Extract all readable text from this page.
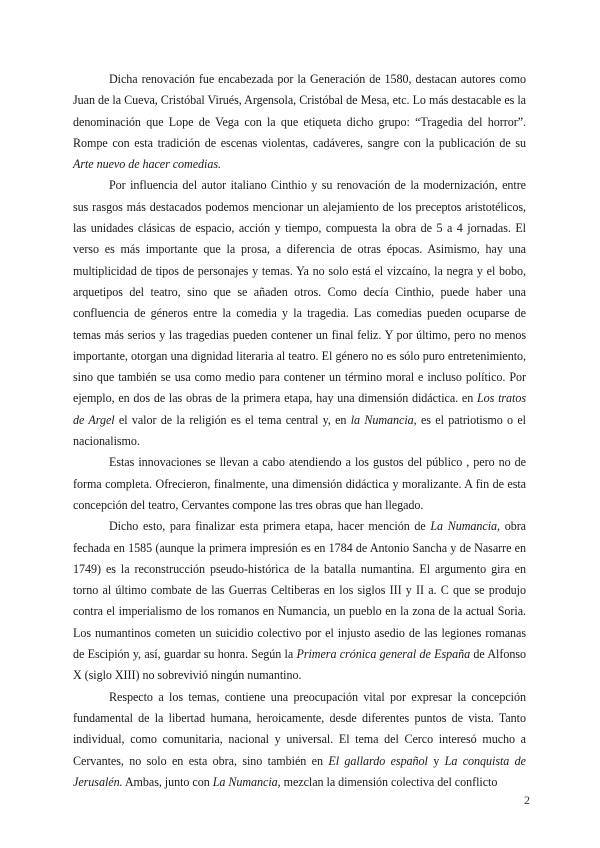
Dicha renovación fue encabezada por la Generación de 1580, destacan autores como Juan de la Cueva, Cristóbal Virués, Argensola, Cristóbal de Mesa, etc. Lo más destacable es la denominación que Lope de Vega con la que etiqueta dicho grupo: “Tragedia del horror”. Rompe con esta tradición de escenas violentas, cadáveres, sangre con la publicación de su Arte nuevo de hacer comedias.

Por influencia del autor italiano Cinthio y su renovación de la modernización, entre sus rasgos más destacados podemos mencionar un alejamiento de los preceptos aristotélicos, las unidades clásicas de espacio, acción y tiempo, compuesta la obra de 5 a 4 jornadas. El verso es más importante que la prosa, a diferencia de otras épocas. Asimismo, hay una multiplicidad de tipos de personajes y temas. Ya no solo está el vizcaíno, la negra y el bobo, arquetipos del teatro, sino que se añaden otros. Como decía Cinthio, puede haber una confluencia de géneros entre la comedia y la tragedia. Las comedias pueden ocuparse de temas más serios y las tragedias pueden contener un final feliz. Y por último, pero no menos importante, otorgan una dignidad literaria al teatro. El género no es sólo puro entretenimiento, sino que también se usa como medio para contener un término moral e incluso político. Por ejemplo, en dos de las obras de la primera etapa, hay una dimensión didáctica. en Los tratos de Argel el valor de la religión es el tema central y, en la Numancia, es el patriotismo o el nacionalismo.

Estas innovaciones se llevan a cabo atendiendo a los gustos del público , pero no de forma completa. Ofrecieron, finalmente, una dimensión didáctica y moralizante. A fin de esta concepción del teatro, Cervantes compone las tres obras que han llegado.

Dicho esto, para finalizar esta primera etapa, hacer mención de La Numancia, obra fechada en 1585 (aunque la primera impresión es en 1784 de Antonio Sancha y de Nasarre en 1749) es la reconstrucción pseudo-histórica de la batalla numantina. El argumento gira en torno al último combate de las Guerras Celtiberas en los siglos III y II a. C que se produjo contra el imperialismo de los romanos en Numancia, un pueblo en la zona de la actual Soria. Los numantinos cometen un suicidio colectivo por el injusto asedio de las legiones romanas de Escipión y, así, guardar su honra. Según la Primera crónica general de España de Alfonso X (siglo XIII) no sobrevivió ningún numantino.

Respecto a los temas, contiene una preocupación vital por expresar la concepción fundamental de la libertad humana, heroicamente, desde diferentes puntos de vista. Tanto individual, como comunitaria, nacional y universal. El tema del Cerco interesó mucho a Cervantes, no solo en esta obra, sino también en El gallardo español y La conquista de Jerusalén. Ambas, junto con La Numancia, mezclan la dimensión colectiva del conflicto

2
